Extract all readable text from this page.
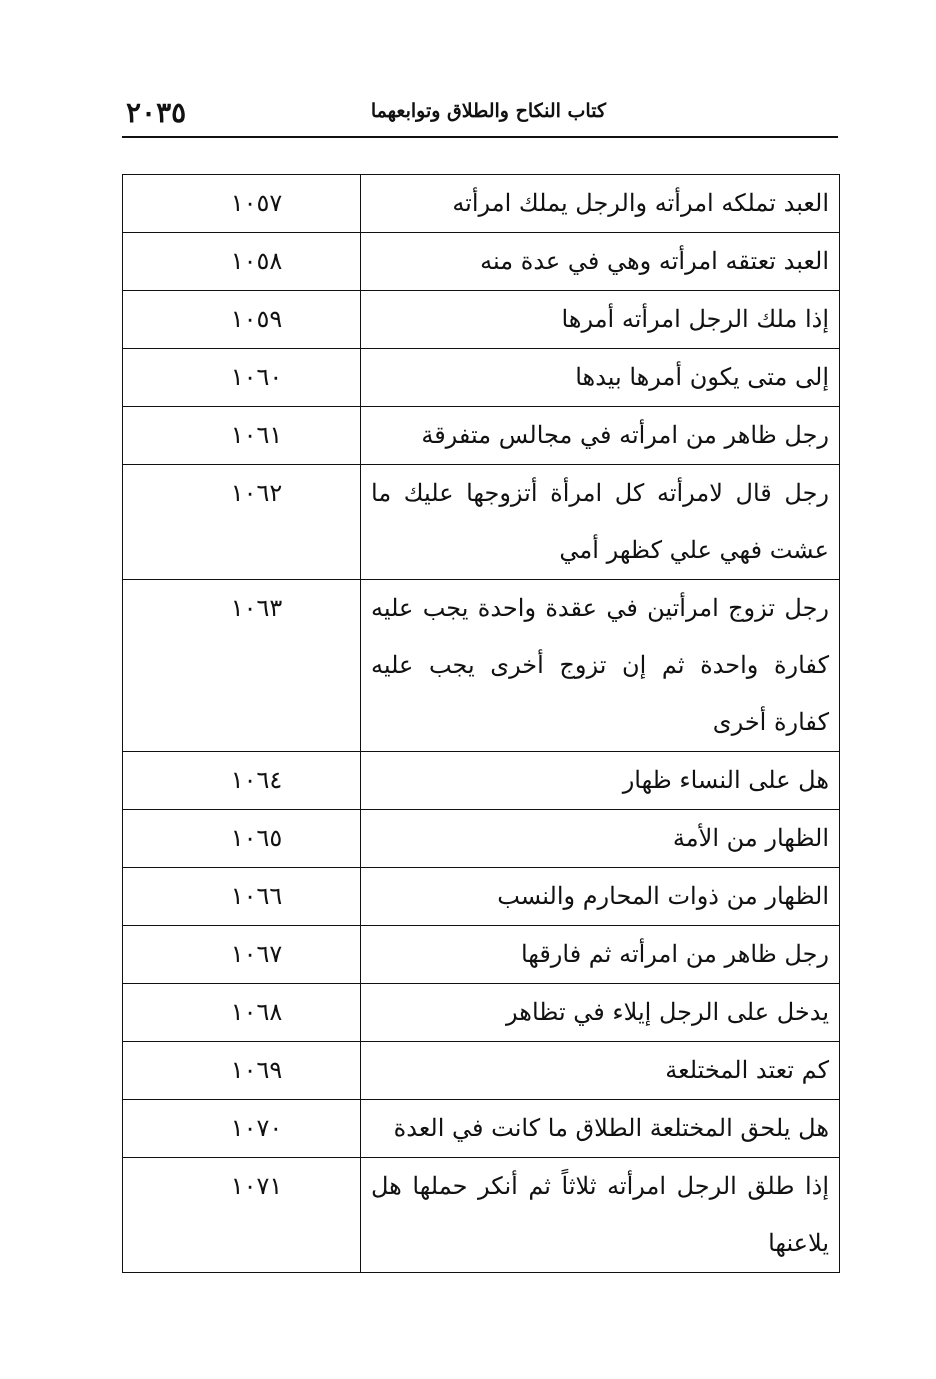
كتاب النكاح والطلاق وتوابعهما
٢٠٣٥
العبد تملكه امرأته والرجل يملك امرأته	١٠٥٧
العبد تعتقه امرأته وهي في عدة منه	١٠٥٨
إذا ملك الرجل امرأته أمرها	١٠٥٩
إلى متى يكون أمرها بيدها	١٠٦٠
رجل ظاهر من امرأته في مجالس متفرقة	١٠٦١
رجل قال لامرأته كل امرأة أتزوجها عليك ما عشت فهي علي كظهر أمي	١٠٦٢
رجل تزوج امرأتين في عقدة واحدة يجب عليه كفارة واحدة ثم إن تزوج أخرى يجب عليه كفارة أخرى	١٠٦٣
هل على النساء ظهار	١٠٦٤
الظهار من الأمة	١٠٦٥
الظهار من ذوات المحارم والنسب	١٠٦٦
رجل ظاهر من امرأته ثم فارقها	١٠٦٧
يدخل على الرجل إيلاء في تظاهر	١٠٦٨
كم تعتد المختلعة	١٠٦٩
هل يلحق المختلعة الطلاق ما كانت في العدة	١٠٧٠
إذا طلق الرجل امرأته ثلاثاً ثم أنكر حملها هل يلاعنها	١٠٧١
